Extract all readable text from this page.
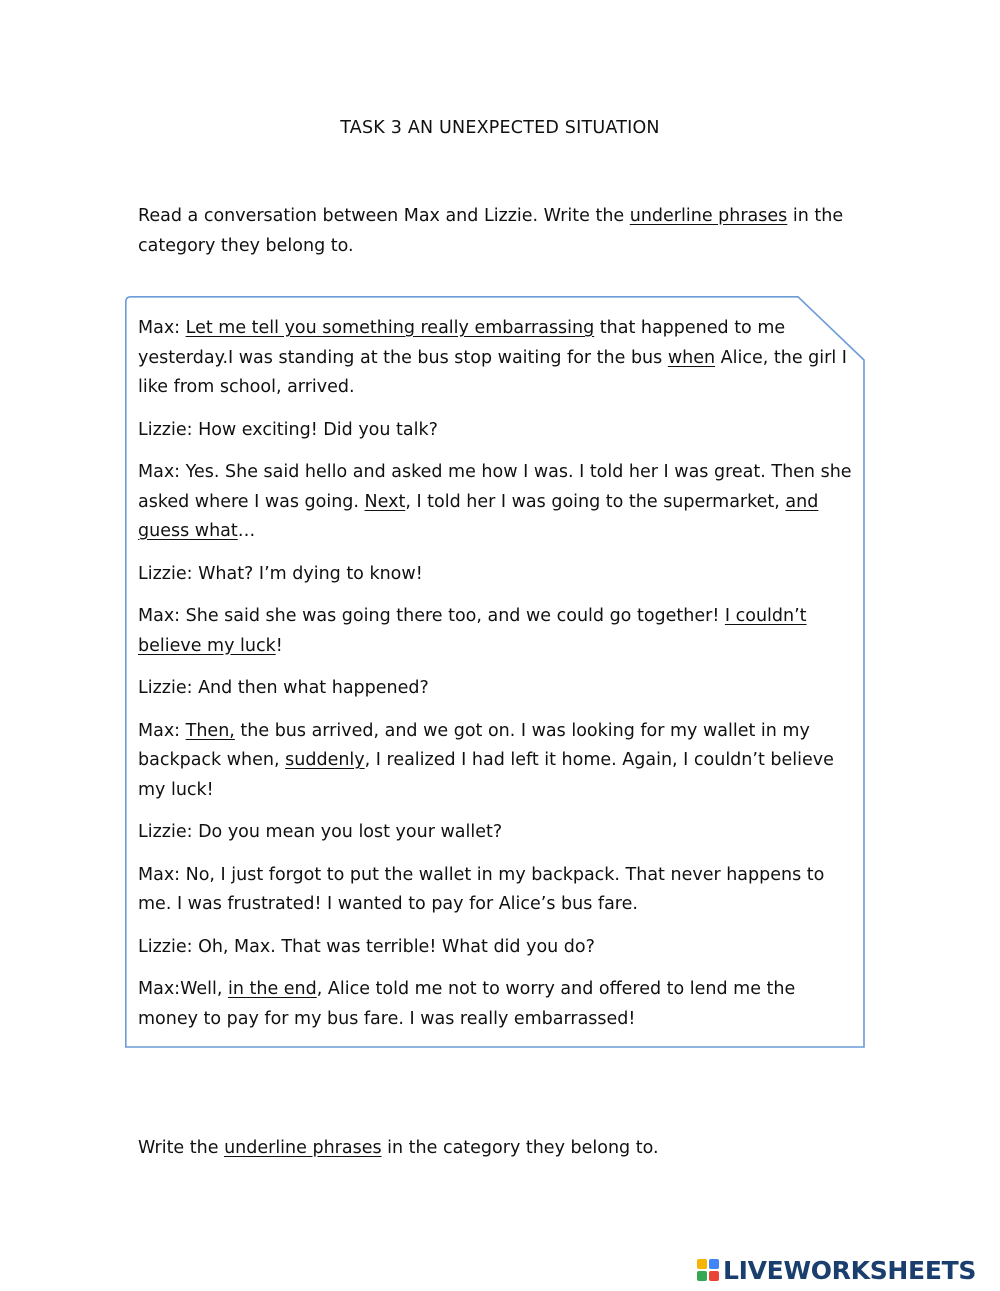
TASK 3 AN UNEXPECTED SITUATION
Read a conversation between Max and Lizzie. Write the underline phrases in the category they belong to.

Max: Let me tell you something really embarrassing that happened to me yesterday.I was standing at the bus stop waiting for the bus when Alice, the girl I like from school, arrived.

Lizzie: How exciting! Did you talk?

Max: Yes. She said hello and asked me how I was. I told her I was great. Then she asked where I was going. Next, I told her I was going to the supermarket, and guess what…

Lizzie: What? I’m dying to know!

Max: She said she was going there too, and we could go together! I couldn’t believe my luck!

Lizzie: And then what happened?

Max: Then, the bus arrived, and we got on. I was looking for my wallet in my backpack when, suddenly, I realized I had left it home. Again, I couldn’t believe my luck!

Lizzie: Do you mean you lost your wallet?

Max: No, I just forgot to put the wallet in my backpack. That never happens to me. I was frustrated! I wanted to pay for Alice’s bus fare.

Lizzie: Oh, Max. That was terrible! What did you do?

Max:Well, in the end, Alice told me not to worry and offered to lend me the money to pay for my bus fare. I was really embarrassed!

Write the underline phrases in the category they belong to.
LIVEWORKSHEETS
